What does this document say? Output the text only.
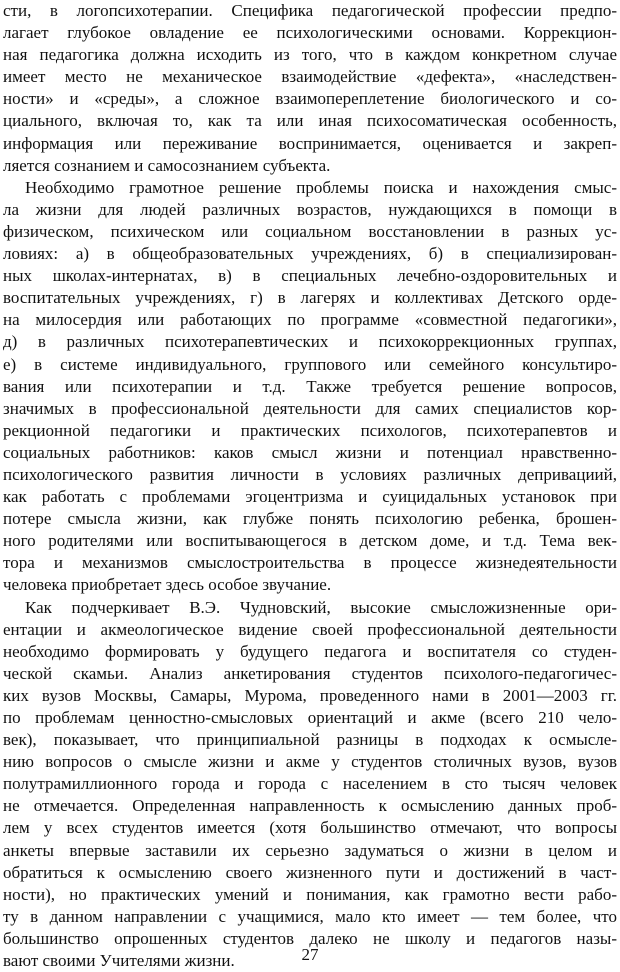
сти, в логопсихотерапии. Специфика педагогической профессии предпо-
лагает глубокое овладение ее психологическими основами. Коррекцион-
ная педагогика должна исходить из того, что в каждом конкретном случае
имеет место не механическое взаимодействие «дефекта», «наследствен-
ности» и «среды», а сложное взаимопереплетение биологического и со-
циального, включая то, как та или иная психосоматическая особенность,
информация или переживание воспринимается, оценивается и закреп-
ляется сознанием и самосознанием субъекта.
Необходимо грамотное решение проблемы поиска и нахождения смыс-
ла жизни для людей различных возрастов, нуждающихся в помощи в
физическом, психическом или социальном восстановлении в разных ус-
ловиях: а) в общеобразовательных учреждениях, б) в специализирован-
ных школах-интернатах, в) в специальных лечебно-оздоровительных и
воспитательных учреждениях, г) в лагерях и коллективах Детского орде-
на милосердия или работающих по программе «совместной педагогики»,
д) в различных психотерапевтических и психокоррекционных группах,
е) в системе индивидуального, группового или семейного консультиро-
вания или психотерапии и т.д. Также требуется решение вопросов,
значимых в профессиональной деятельности для самих специалистов кор-
рекционной педагогики и практических психологов, психотерапевтов и
социальных работников: каков смысл жизни и потенциал нравственно-
психологического развития личности в условиях различных депривациий,
как работать с проблемами эгоцентризма и суицидальных установок при
потере смысла жизни, как глубже понять психологию ребенка, брошен-
ного родителями или воспитывающегося в детском доме, и т.д. Тема век-
тора и механизмов смыслостроительства в процессе жизнедеятельности
человека приобретает здесь особое звучание.
Как подчеркивает В.Э. Чудновский, высокие смысложизненные ори-
ентации и акмеологическое видение своей профессиональной деятельности
необходимо формировать у будущего педагога и воспитателя со студен-
ческой скамьи. Анализ анкетирования студентов психолого-педагогичес-
ких вузов Москвы, Самары, Мурома, проведенного нами в 2001—2003 гг.
по проблемам ценностно-смысловых ориентаций и акме (всего 210 чело-
век), показывает, что принципиальной разницы в подходах к осмысле-
нию вопросов о смысле жизни и акме у студентов столичных вузов, вузов
полутрамиллионного города и города с населением в сто тысяч человек
не отмечается. Определенная направленность к осмыслению данных проб-
лем у всех студентов имеется (хотя большинство отмечают, что вопросы
анкеты впервые заставили их серьезно задуматься о жизни в целом и
обратиться к осмыслению своего жизненного пути и достижений в част-
ности), но практических умений и понимания, как грамотно вести рабо-
ту в данном направлении с учащимися, мало кто имеет — тем более, что
большинство опрошенных студентов далеко не школу и педагогов назы-
вают своими Учителями жизни.	27
